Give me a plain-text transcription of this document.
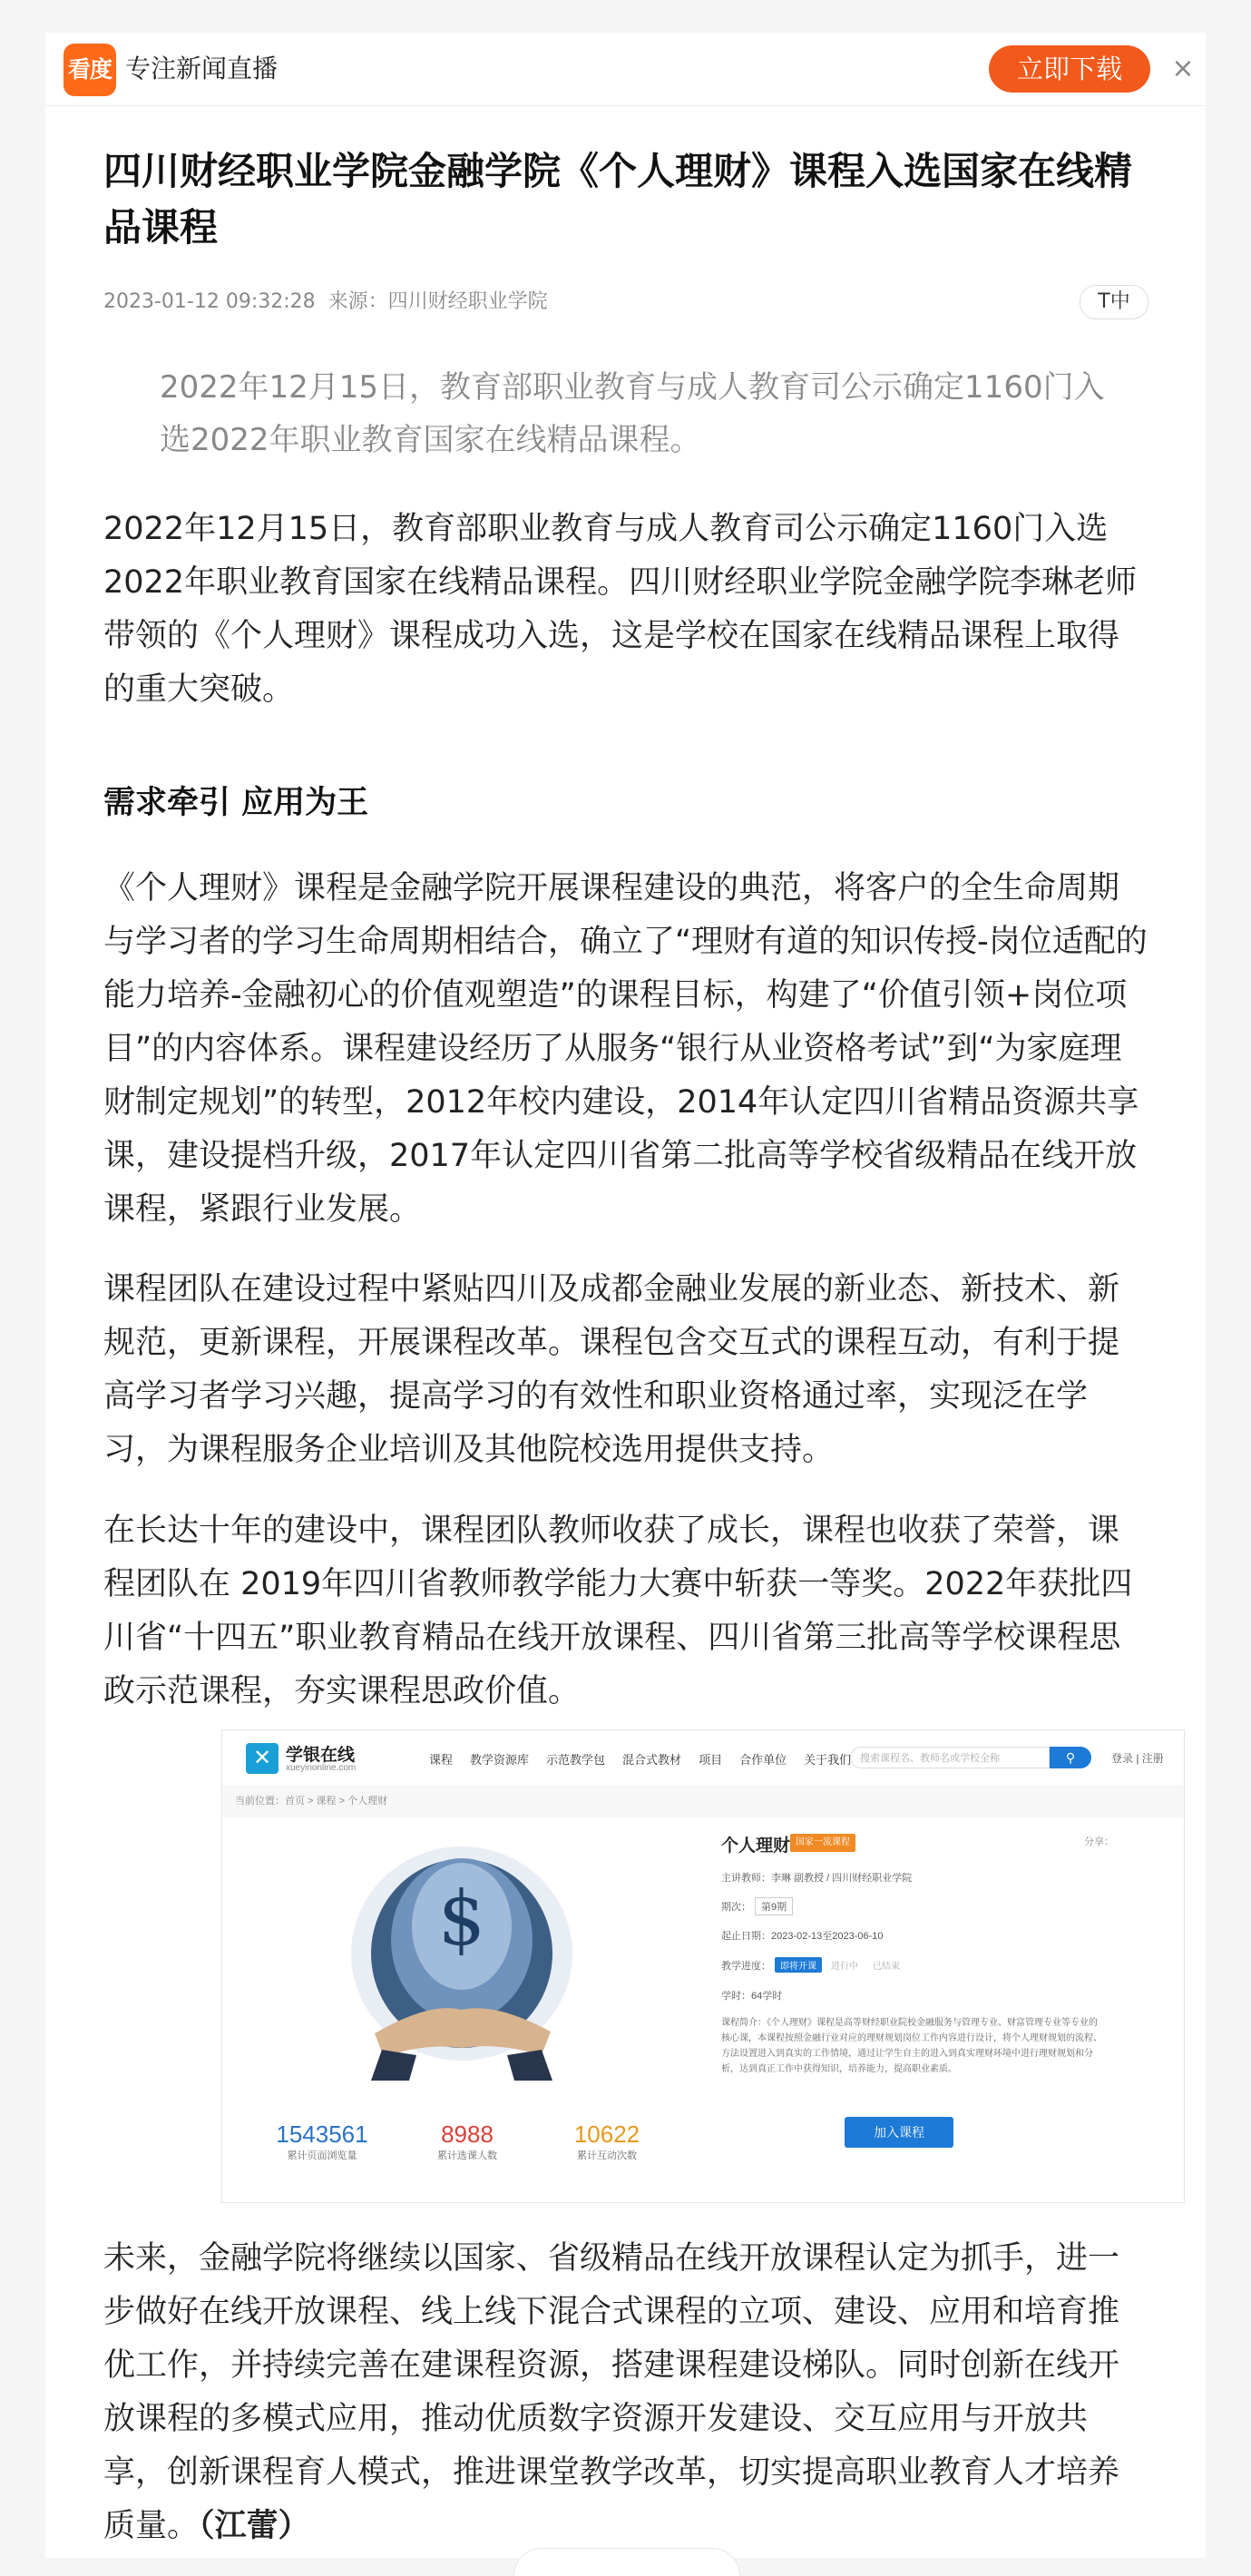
看度 专注新闻直播	立即下载	×
四川财经职业学院金融学院《个人理财》课程入选国家在线精品课程
2023-01-12 09:32:28 来源：四川财经职业学院	T中
2022年12月15日，教育部职业教育与成人教育司公示确定1160门入选2022年职业教育国家在线精品课程。

2022年12月15日，教育部职业教育与成人教育司公示确定1160门入选2022年职业教育国家在线精品课程。四川财经职业学院金融学院李琳老师带领的《个人理财》课程成功入选，这是学校在国家在线精品课程上取得的重大突破。

需求牵引 应用为王

《个人理财》课程是金融学院开展课程建设的典范，将客户的全生命周期与学习者的学习生命周期相结合，确立了“理财有道的知识传授-岗位适配的能力培养-金融初心的价值观塑造”的课程目标，构建了“价值引领+岗位项目”的内容体系。课程建设经历了从服务“银行从业资格考试”到“为家庭理财制定规划”的转型，2012年校内建设，2014年认定四川省精品资源共享课，建设提档升级，2017年认定四川省第二批高等学校省级精品在线开放课程，紧跟行业发展。

课程团队在建设过程中紧贴四川及成都金融业发展的新业态、新技术、新规范，更新课程，开展课程改革。课程包含交互式的课程互动，有利于提高学习者学习兴趣，提高学习的有效性和职业资格通过率，实现泛在学习，为课程服务企业培训及其他院校选用提供支持。

在长达十年的建设中，课程团队教师收获了成长，课程也收获了荣誉，课程团队在 2019年四川省教师教学能力大赛中斩获一等奖。2022年获批四川省“十四五”职业教育精品在线开放课程、四川省第三批高等学校课程思政示范课程，夯实课程思政价值。

✕ 学银在线
xueyinonline.com
课程 教学资源库 示范教学包 混合式教材 项目 合作单位 关于我们 搜索课程名、教师名或学校全称	⚲	登录 | 注册
当前位置：首页 > 课程 > 个人理财
$
1543561
累计页面浏览量
8988
累计选课人数
10622
累计互动次数
个人理财 国家一流课程	分享：
主讲教师：李琳 副教授 / 四川财经职业学院
期次： 第9期
起止日期：2023-02-13至2023-06-10
教学进度： 即将开课 进行中 已结束
学时：64学时
课程简介：《个人理财》课程是高等财经职业院校金融服务与管理专业、财富管理专业等专业的核心课，本课程按照金融行业对应的理财规划岗位工作内容进行设计，将个人理财规划的流程、方法设置进入到真实的工作情境，通过让学生自主的进入到真实理财环境中进行理财规划和分析，达到真正工作中获得知识，培养能力，提高职业素质。
加入课程

未来，金融学院将继续以国家、省级精品在线开放课程认定为抓手，进一步做好在线开放课程、线上线下混合式课程的立项、建设、应用和培育推优工作，并持续完善在建课程资源，搭建课程建设梯队。同时创新在线开放课程的多模式应用，推动优质数字资源开发建设、交互应用与开放共享，创新课程育人模式，推进课堂教学改革，切实提高职业教育人才培养质量。（江蕾）
